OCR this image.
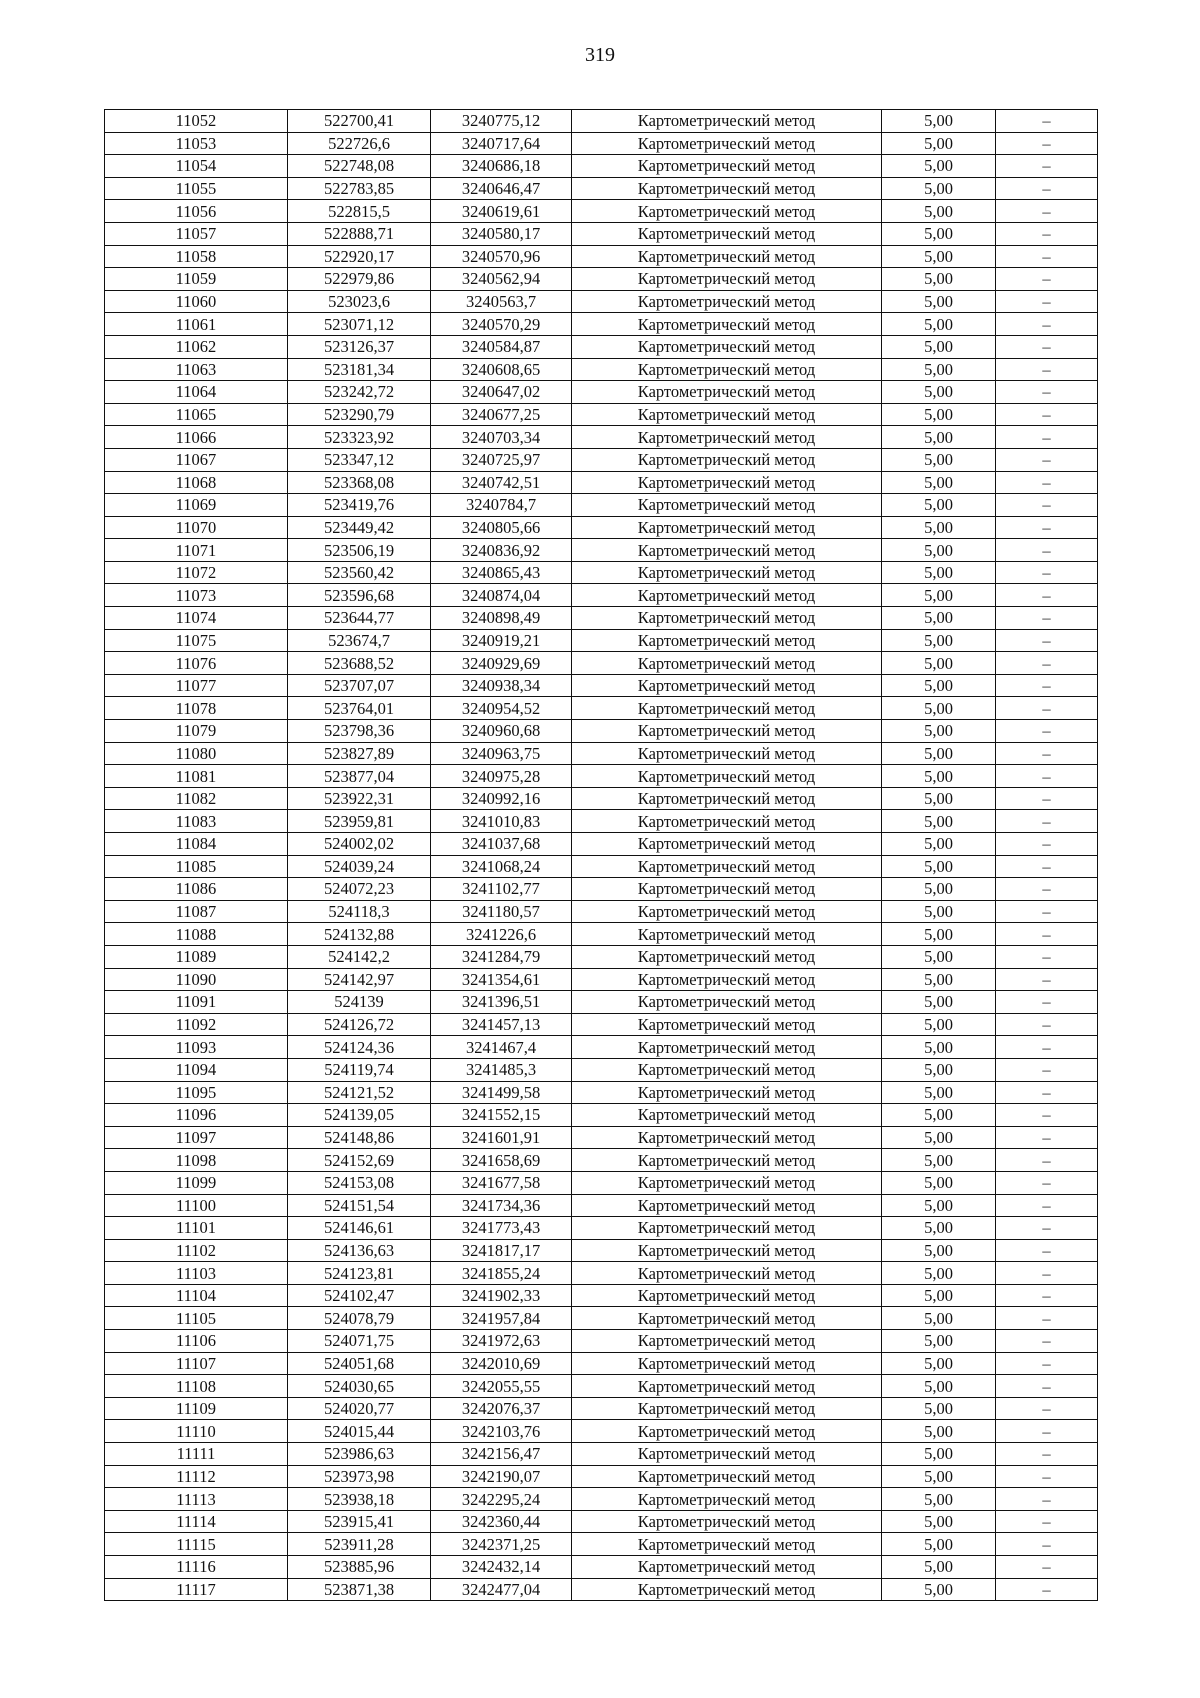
319
11052	522700,41	3240775,12	Картометрический метод	5,00	–
11053	522726,6	3240717,64	Картометрический метод	5,00	–
11054	522748,08	3240686,18	Картометрический метод	5,00	–
11055	522783,85	3240646,47	Картометрический метод	5,00	–
11056	522815,5	3240619,61	Картометрический метод	5,00	–
11057	522888,71	3240580,17	Картометрический метод	5,00	–
11058	522920,17	3240570,96	Картометрический метод	5,00	–
11059	522979,86	3240562,94	Картометрический метод	5,00	–
11060	523023,6	3240563,7	Картометрический метод	5,00	–
11061	523071,12	3240570,29	Картометрический метод	5,00	–
11062	523126,37	3240584,87	Картометрический метод	5,00	–
11063	523181,34	3240608,65	Картометрический метод	5,00	–
11064	523242,72	3240647,02	Картометрический метод	5,00	–
11065	523290,79	3240677,25	Картометрический метод	5,00	–
11066	523323,92	3240703,34	Картометрический метод	5,00	–
11067	523347,12	3240725,97	Картометрический метод	5,00	–
11068	523368,08	3240742,51	Картометрический метод	5,00	–
11069	523419,76	3240784,7	Картометрический метод	5,00	–
11070	523449,42	3240805,66	Картометрический метод	5,00	–
11071	523506,19	3240836,92	Картометрический метод	5,00	–
11072	523560,42	3240865,43	Картометрический метод	5,00	–
11073	523596,68	3240874,04	Картометрический метод	5,00	–
11074	523644,77	3240898,49	Картометрический метод	5,00	–
11075	523674,7	3240919,21	Картометрический метод	5,00	–
11076	523688,52	3240929,69	Картометрический метод	5,00	–
11077	523707,07	3240938,34	Картометрический метод	5,00	–
11078	523764,01	3240954,52	Картометрический метод	5,00	–
11079	523798,36	3240960,68	Картометрический метод	5,00	–
11080	523827,89	3240963,75	Картометрический метод	5,00	–
11081	523877,04	3240975,28	Картометрический метод	5,00	–
11082	523922,31	3240992,16	Картометрический метод	5,00	–
11083	523959,81	3241010,83	Картометрический метод	5,00	–
11084	524002,02	3241037,68	Картометрический метод	5,00	–
11085	524039,24	3241068,24	Картометрический метод	5,00	–
11086	524072,23	3241102,77	Картометрический метод	5,00	–
11087	524118,3	3241180,57	Картометрический метод	5,00	–
11088	524132,88	3241226,6	Картометрический метод	5,00	–
11089	524142,2	3241284,79	Картометрический метод	5,00	–
11090	524142,97	3241354,61	Картометрический метод	5,00	–
11091	524139	3241396,51	Картометрический метод	5,00	–
11092	524126,72	3241457,13	Картометрический метод	5,00	–
11093	524124,36	3241467,4	Картометрический метод	5,00	–
11094	524119,74	3241485,3	Картометрический метод	5,00	–
11095	524121,52	3241499,58	Картометрический метод	5,00	–
11096	524139,05	3241552,15	Картометрический метод	5,00	–
11097	524148,86	3241601,91	Картометрический метод	5,00	–
11098	524152,69	3241658,69	Картометрический метод	5,00	–
11099	524153,08	3241677,58	Картометрический метод	5,00	–
11100	524151,54	3241734,36	Картометрический метод	5,00	–
11101	524146,61	3241773,43	Картометрический метод	5,00	–
11102	524136,63	3241817,17	Картометрический метод	5,00	–
11103	524123,81	3241855,24	Картометрический метод	5,00	–
11104	524102,47	3241902,33	Картометрический метод	5,00	–
11105	524078,79	3241957,84	Картометрический метод	5,00	–
11106	524071,75	3241972,63	Картометрический метод	5,00	–
11107	524051,68	3242010,69	Картометрический метод	5,00	–
11108	524030,65	3242055,55	Картометрический метод	5,00	–
11109	524020,77	3242076,37	Картометрический метод	5,00	–
11110	524015,44	3242103,76	Картометрический метод	5,00	–
11111	523986,63	3242156,47	Картометрический метод	5,00	–
11112	523973,98	3242190,07	Картометрический метод	5,00	–
11113	523938,18	3242295,24	Картометрический метод	5,00	–
11114	523915,41	3242360,44	Картометрический метод	5,00	–
11115	523911,28	3242371,25	Картометрический метод	5,00	–
11116	523885,96	3242432,14	Картометрический метод	5,00	–
11117	523871,38	3242477,04	Картометрический метод	5,00	–
